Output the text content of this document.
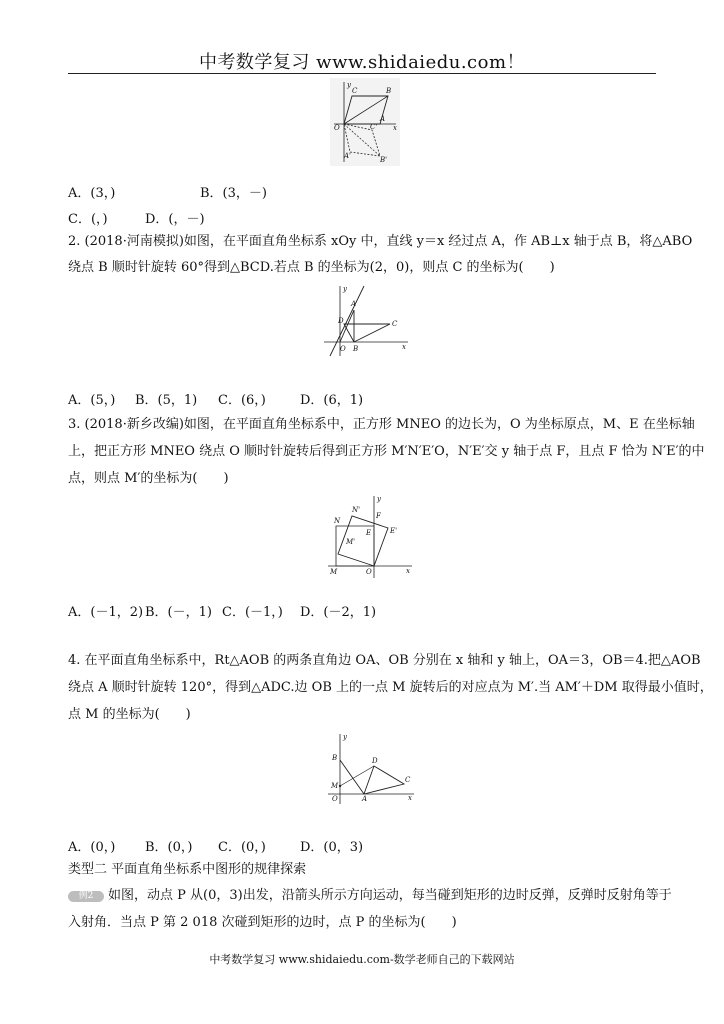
中考数学复习 www.shidaiedu.com！
y
x
O
C	B
A
C'
A'	B'
A．(3，)	B．(3，－)
C．(，)	D．(，－)
2. (2018·河南模拟)如图，在平面直角坐标系 xOy 中，直线 y＝x 经过点 A，作 AB⊥x 轴于点 B，将△ABO
绕点 B 顺时针旋转 60°得到△BCD.若点 B 的坐标为(2，0)，则点 C 的坐标为(　　)
y
x
A
D	C
O B
A．(5，) B．(5，1) C．(6，)	D．(6，1)
3. (2018·新乡改编)如图，在平面直角坐标系中，正方形 MNEO 的边长为，O 为坐标原点，M、E 在坐标轴
上，把正方形 MNEO 绕点 O 顺时针旋转后得到正方形 M′N′E′O，N′E′交 y 轴于点 F，且点 F 恰为 N′E′的中
点，则点 M′的坐标为(　　)
y
x
N
N'
F
E	E'
M'
M	O
A．(－1，2) B．(－，1) C．(－1，) D．(－2，1)
4. 在平面直角坐标系中，Rt△AOB 的两条直角边 OA、OB 分别在 x 轴和 y 轴上，OA＝3，OB＝4.把△AOB
绕点 A 顺时针旋转 120°，得到△ADC.边 OB 上的一点 M 旋转后的对应点为 M′.当 AM′＋DM 取得最小值时，
点 M 的坐标为(　　)
y
x
B	D
C
M
O	A
A．(0，) B．(0，) C．(0，)	D．(0，3)
类型二 平面直角坐标系中图形的规律探索
例2 如图，动点 P 从(0，3)出发，沿箭头所示方向运动，每当碰到矩形的边时反弹，反弹时反射角等于
入射角．当点 P 第 2 018 次碰到矩形的边时，点 P 的坐标为(　　)
中考数学复习 www.shidaiedu.com-数学老师自己的下载网站
